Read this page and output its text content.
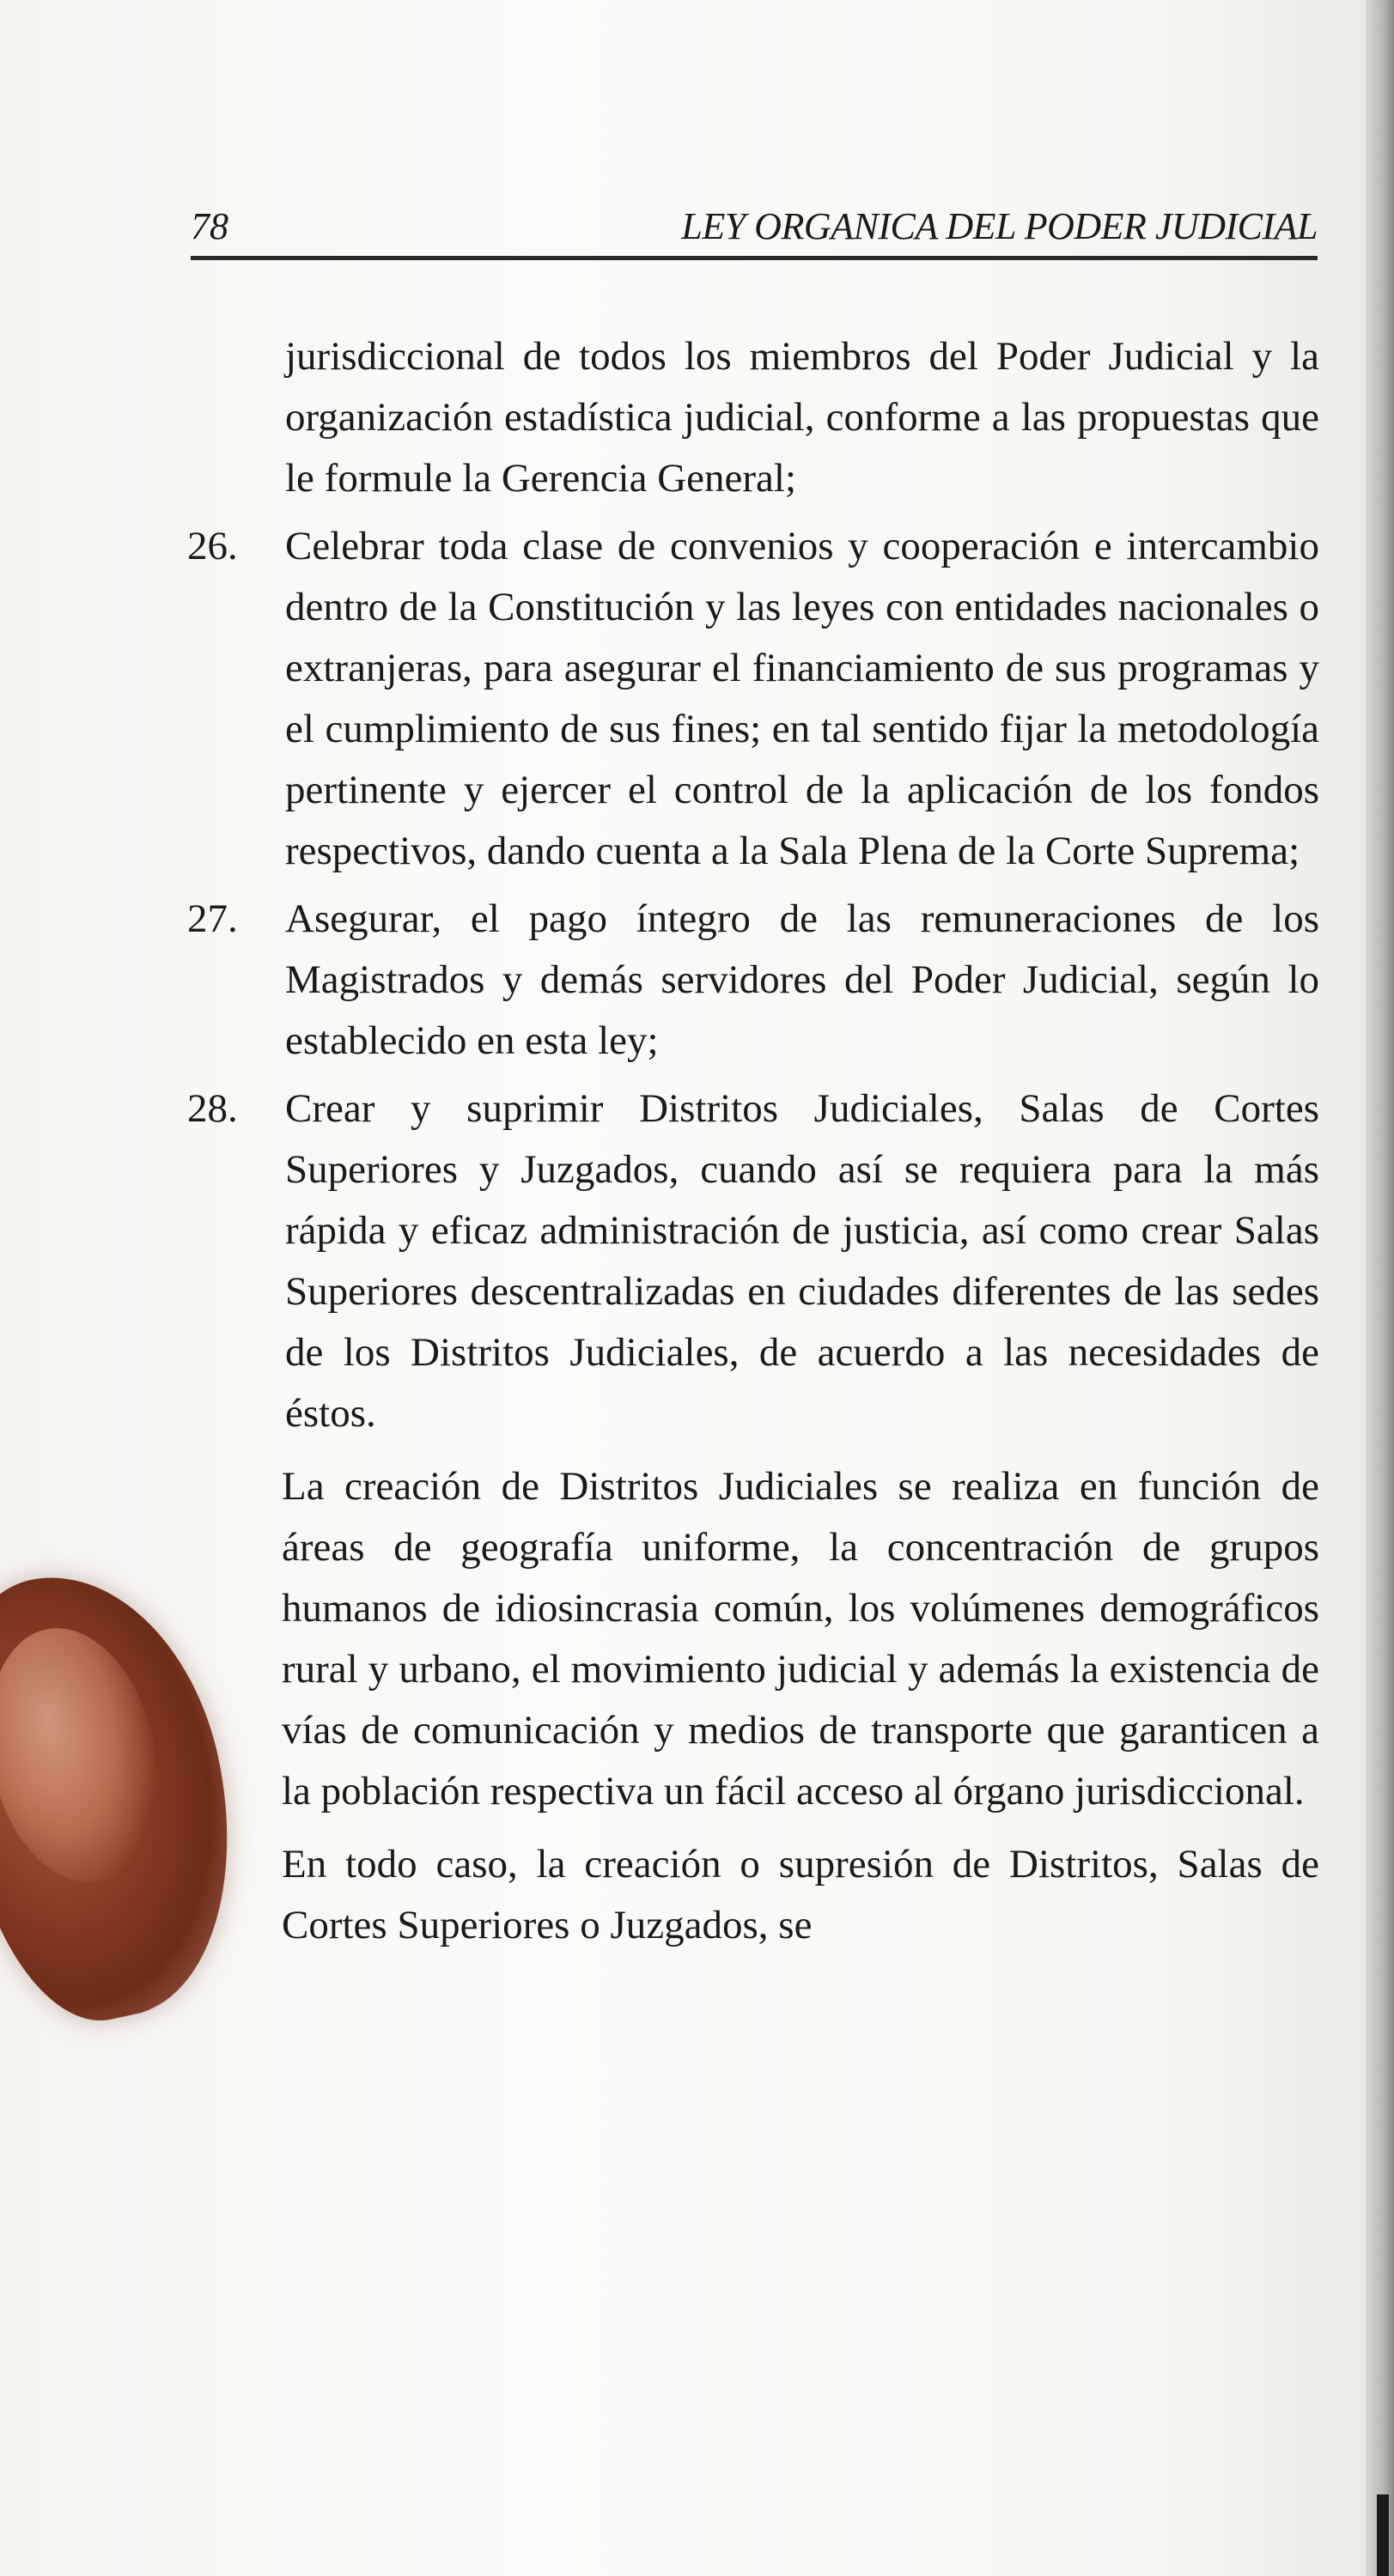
78	LEY ORGANICA DEL PODER JUDICIAL

jurisdiccional de todos los miembros del Poder Judicial y la organización estadística judicial, conforme a las propuestas que le formule la Gerencia General;

26. Celebrar toda clase de convenios y cooperación e intercambio dentro de la Constitución y las leyes con entidades nacionales o extranjeras, para asegurar el financiamiento de sus programas y el cumplimiento de sus fines; en tal sentido fijar la metodología pertinente y ejercer el control de la aplicación de los fondos respectivos, dando cuenta a la Sala Plena de la Corte Suprema;

27. Asegurar, el pago íntegro de las remuneraciones de los Magistrados y demás servidores del Poder Judicial, según lo establecido en esta ley;

28. Crear y suprimir Distritos Judiciales, Salas de Cortes Superiores y Juzgados, cuando así se requiera para la más rápida y eficaz administración de justicia, así como crear Salas Superiores descentralizadas en ciudades diferentes de las sedes de los Distritos Judiciales, de acuerdo a las necesidades de éstos.

La creación de Distritos Judiciales se realiza en función de áreas de geografía uniforme, la concentración de grupos humanos de idiosincrasia común, los volúmenes demográficos rural y urbano, el movimiento judicial y además la existencia de vías de comunicación y medios de transporte que garanticen a la población respectiva un fácil acceso al órgano jurisdiccional.

En todo caso, la creación o supresión de Distritos, Salas de Cortes Superiores o Juzgados, se
